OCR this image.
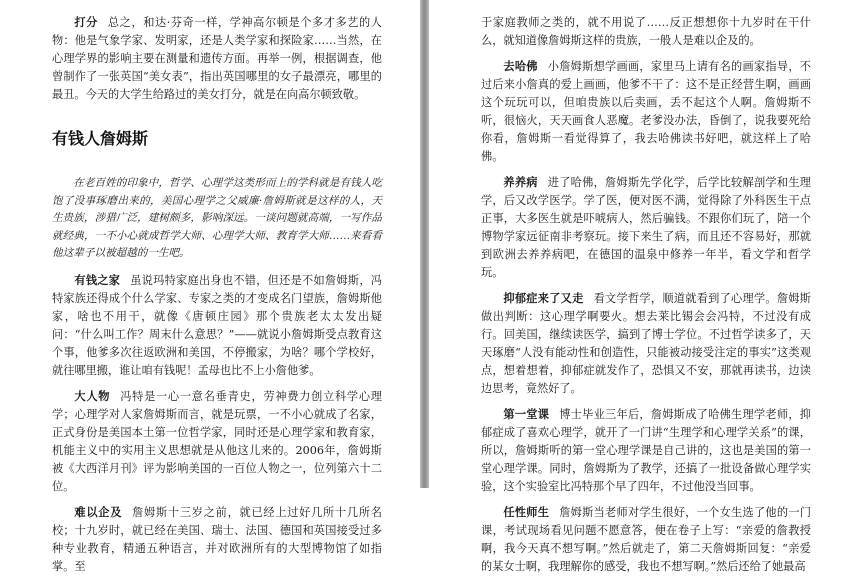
打分 总之，和达·芬奇一样，学神高尔顿是个多才多艺的人物：他是气象学家、发明家，还是人类学家和探险家……当然，在心理学界的影响主要在测量和遗传方面。再举一例，根据调查，他曾制作了一张英国“美女表”，指出英国哪里的女子最漂亮，哪里的最丑。今天的大学生给路过的美女打分，就是在向高尔顿致敬。

有钱人詹姆斯

在老百姓的印象中，哲学、心理学这类形而上的学科就是有钱人吃饱了没事琢磨出来的，美国心理学之父威廉·詹姆斯就是这样的人，天生贵族，涉猎广泛，建树颇多，影响深远。一谈问题就高端，一写作品就经典，一不小心就成哲学大师、心理学大师、教育学大师……来看看他这辈子以被超越的一生吧。

有钱之家 虽说玛特家庭出身也不错，但还是不如詹姆斯，冯特家族还得成个什么学家、专家之类的才变成名门望族，詹姆斯他家，啥也不用干，就像《唐顿庄园》那个贵族老太太发出疑问：“什么叫工作？周末什么意思？”——就说小詹姆斯受点教育这个事，他爹多次往返欧洲和美国，不停搬家，为啥？哪个学校好，就往哪里搬，谁让咱有钱呢！孟母也比不上小詹他爹。

大人物 冯特是一心一意名垂青史，劳神费力创立科学心理学；心理学对人家詹姆斯而言，就是玩票，一不小心就成了名家，正式身份是美国本土第一位哲学家，同时还是心理学家和教育家，机能主义中的实用主义思想就是从他这儿来的。2006年，詹姆斯被《大西洋月刊》评为影响美国的一百位人物之一，位列第六十二位。

难以企及 詹姆斯十三岁之前，就已经上过好几所十几所名校；十九岁时，就已经在美国、瑞士、法国、德国和英国接受过多种专业教育，精通五种语言，并对欧洲所有的大型博物馆了如指掌。至

于家庭教师之类的，就不用说了……反正想想你十九岁时在干什么，就知道像詹姆斯这样的贵族，一般人是难以企及的。

去哈佛 小詹姆斯想学画画，家里马上请有名的画家指导，不过后来小詹真的爱上画画，他爹不干了：这不是正经营生啊，画画这个玩玩可以，但咱贵族以后卖画，丢不起这个人啊。詹姆斯不听，很恼火，天天画食人恶魔。老爹没办法，昏倒了，说我要死给你看，詹姆斯一看觉得算了，我去哈佛读书好吧，就这样上了哈佛。

养养病 进了哈佛，詹姆斯先学化学，后学比较解剖学和生理学，后又改学医学。学了医，便对医不满，觉得除了外科医生干点正事，大多医生就是吓唬病人，然后骗钱。不跟你们玩了，陪一个博物学家远征南非考察玩。接下来生了病，而且还不容易好，那就到欧洲去养养病吧，在德国的温泉中修养一年半，看文学和哲学玩。

抑郁症来了又走 看文学哲学，顺道就看到了心理学。詹姆斯做出判断：这心理学啊要火。想去莱比锡会会冯特，不过没有成行。回美国，继续读医学，搞到了博士学位。不过哲学读多了，天天琢磨“人没有能动性和创造性，只能被动接受注定的事实”这类观点，想着想着，抑郁症就发作了，恐惧又不安，那就再读书，边读边思考，竟然好了。

第一堂课 博士毕业三年后，詹姆斯成了哈佛生理学老师，抑郁症成了喜欢心理学，就开了一门讲“生理学和心理学关系”的课，所以，詹姆斯听的第一堂心理学课是自己讲的，这也是美国的第一堂心理学课。同时，詹姆斯为了教学，还搞了一批设备做心理学实验，这个实验室比冯特那个早了四年，不过他没当回事。

任性师生 詹姆斯当老师对学生很好，一个女生选了他的一门课，考试现场看见问题不愿意答，便在卷子上写：“亲爱的詹教授啊，我今天真不想写啊。”然后就走了，第二天詹姆斯回复：“亲爱的某女士啊，我理解你的感受，我也不想写啊。”然后还给了她最高
